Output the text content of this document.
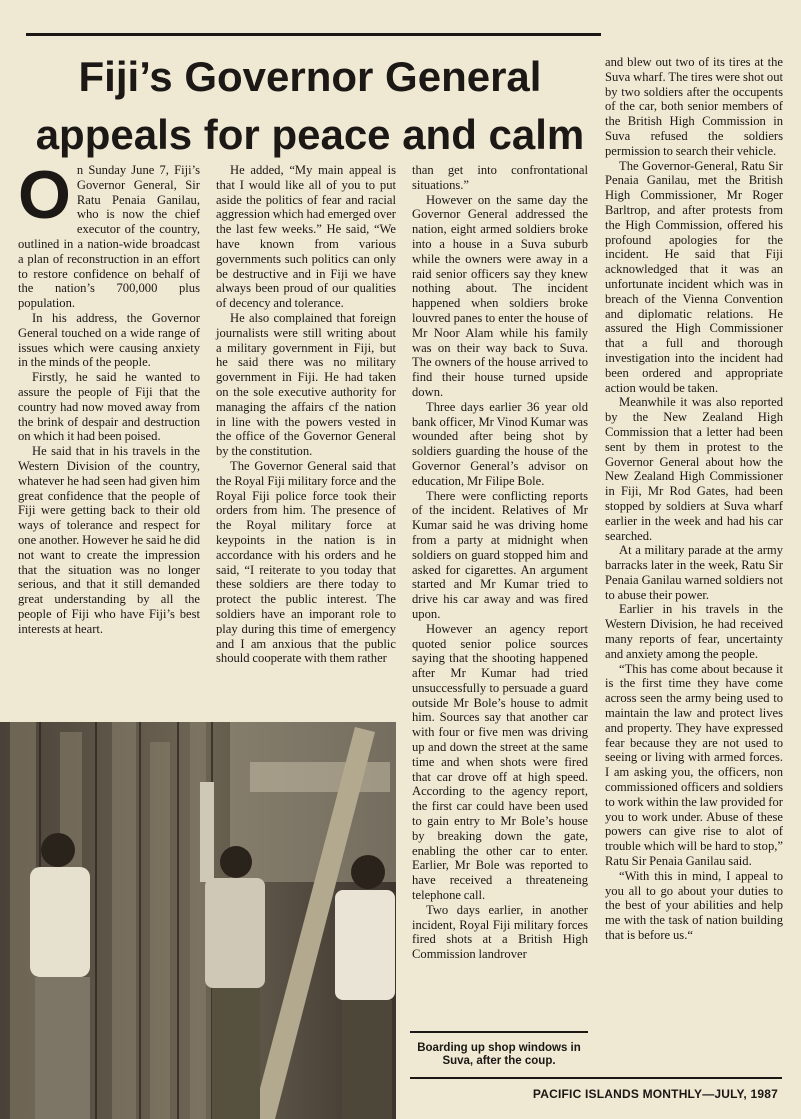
Fiji’s Governor General appeals for peace and calm
O n Sunday June 7, Fiji’s Governor General, Sir Ratu Penaia Ganilau, who is now the chief executor of the country, outlined in a nation-wide broadcast a plan of reconstruction in an effort to restore confidence on behalf of the nation’s 700,000 plus population.

In his address, the Governor General touched on a wide range of issues which were causing anxiety in the minds of the people.

Firstly, he said he wanted to assure the people of Fiji that the country had now moved away from the brink of despair and destruction on which it had been poised.

He said that in his travels in the Western Division of the country, whatever he had seen had given him great confidence that the people of Fiji were getting back to their old ways of tolerance and respect for one another. However he said he did not want to create the impression that the situation was no longer serious, and that it still demanded great understanding by all the people of Fiji who have Fiji’s best interests at heart.

He added, “My main appeal is that I would like all of you to put aside the politics of fear and racial aggression which had emerged over the last few weeks.” He said, “We have known from various governments such politics can only be destructive and in Fiji we have always been proud of our qualities of decency and tolerance.

He also complained that foreign journalists were still writing about a military government in Fiji, but he said there was no military government in Fiji. He had taken on the sole executive authority for managing the affairs cf the nation in line with the powers vested in the office of the Governor General by the constitution.

The Governor General said that the Royal Fiji military force and the Royal Fiji police force took their orders from him. The presence of the Royal military force at keypoints in the nation is in accordance with his orders and he said, “I reiterate to you today that these soldiers are there today to protect the public interest. The soldiers have an imporant role to play during this time of emergency and I am anxious that the public should cooperate with them rather

than get into confrontational situations.”

However on the same day the Governor General addressed the nation, eight armed soldiers broke into a house in a Suva suburb while the owners were away in a raid senior officers say they knew nothing about. The incident happened when soldiers broke louvred panes to enter the house of Mr Noor Alam while his family was on their way back to Suva. The owners of the house arrived to find their house turned upside down.

Three days earlier 36 year old bank officer, Mr Vinod Kumar was wounded after being shot by soldiers guarding the house of the Governor General’s advisor on education, Mr Filipe Bole.

There were conflicting reports of the incident. Relatives of Mr Kumar said he was driving home from a party at midnight when soldiers on guard stopped him and asked for cigarettes. An argument started and Mr Kumar tried to drive his car away and was fired upon.

However an agency report quoted senior police sources saying that the shooting happened after Mr Kumar had tried unsuccessfully to persuade a guard outside Mr Bole’s house to admit him. Sources say that another car with four or five men was driving up and down the street at the same time and when shots were fired that car drove off at high speed. According to the agency report, the first car could have been used to gain entry to Mr Bole’s house by breaking down the gate, enabling the other car to enter. Earlier, Mr Bole was reported to have received a threateneing telephone call.

Two days earlier, in another incident, Royal Fiji military forces fired shots at a British High Commission landrover

and blew out two of its tires at the Suva wharf. The tires were shot out by two soldiers after the occupents of the car, both senior members of the British High Commission in Suva refused the soldiers permission to search their vehicle.

The Governor-General, Ratu Sir Penaia Ganilau, met the British High Commissioner, Mr Roger Barltrop, and after protests from the High Commission, offered his profound apologies for the incident. He said that Fiji acknowledged that it was an unfortunate incident which was in breach of the Vienna Convention and diplomatic relations. He assured the High Commissioner that a full and thorough investigation into the incident had been ordered and appropriate action would be taken.

Meanwhile it was also reported by the New Zealand High Commission that a letter had been sent by them in protest to the Governor General about how the New Zealand High Commissioner in Fiji, Mr Rod Gates, had been stopped by soldiers at Suva wharf earlier in the week and had his car searched.

At a military parade at the army barracks later in the week, Ratu Sir Penaia Ganilau warned soldiers not to abuse their power.

Earlier in his travels in the Western Division, he had received many reports of fear, uncertainty and anxiety among the people.

“This has come about because it is the first time they have come across seen the army being used to maintain the law and protect lives and property. They have expressed fear because they are not used to seeing or living with armed forces. I am asking you, the officers, non commissioned officers and soldiers to work within the law provided for you to work under. Abuse of these powers can give rise to alot of trouble which will be hard to stop,” Ratu Sir Penaia Ganilau said.

“With this in mind, I appeal to you all to go about your duties to the best of your abilities and help me with the task of nation building that is before us.“

Boarding up shop windows in Suva, after the coup.

PACIFIC ISLANDS MONTHLY—JULY, 1987
